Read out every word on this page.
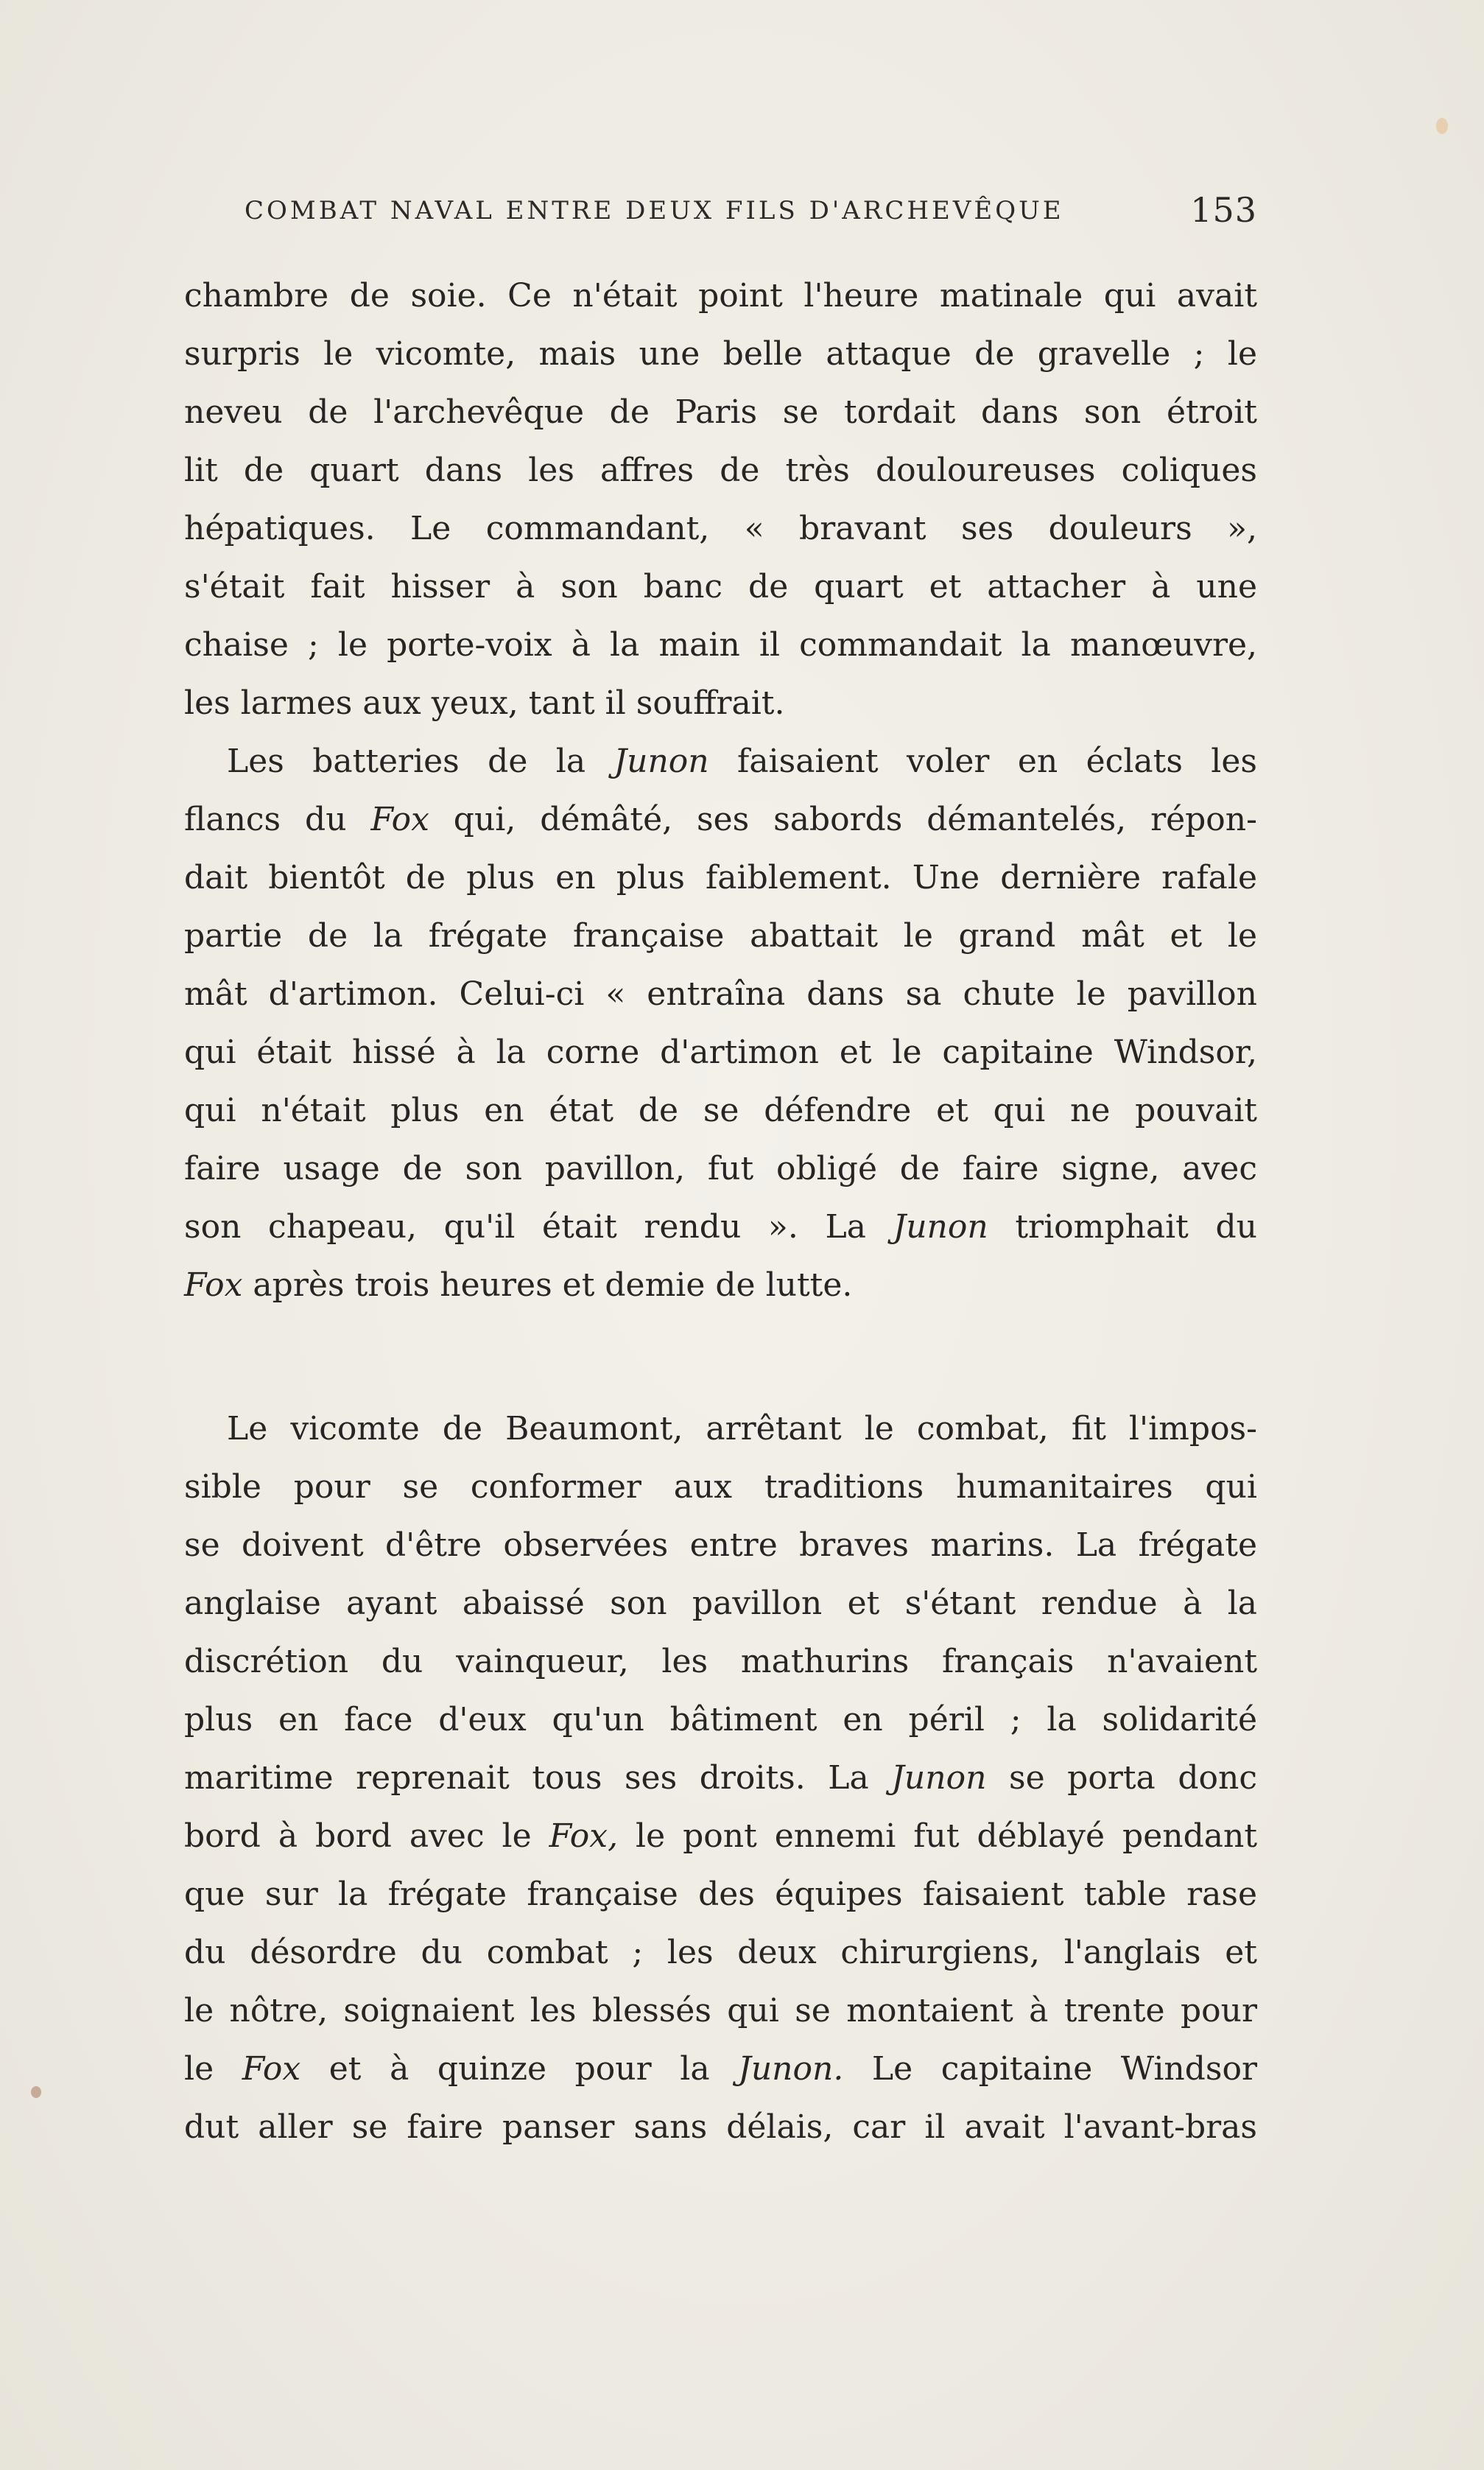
COMBAT NAVAL ENTRE DEUX FILS D'ARCHEVÊQUE	153
chambre de soie. Ce n'était point l'heure matinale qui avait
surpris le vicomte, mais une belle attaque de gravelle ; le
neveu de l'archevêque de Paris se tordait dans son étroit
lit de quart dans les affres de très douloureuses coliques
hépatiques. Le commandant, « bravant ses douleurs »,
s'était fait hisser à son banc de quart et attacher à une
chaise ; le porte-voix à la main il commandait la manœuvre,
les larmes aux yeux, tant il souffrait.
Les batteries de la Junon faisaient voler en éclats les
flancs du Fox qui, démâté, ses sabords démantelés, répon-
dait bientôt de plus en plus faiblement. Une dernière rafale
partie de la frégate française abattait le grand mât et le
mât d'artimon. Celui-ci « entraîna dans sa chute le pavillon
qui était hissé à la corne d'artimon et le capitaine Windsor,
qui n'était plus en état de se défendre et qui ne pouvait
faire usage de son pavillon, fut obligé de faire signe, avec
son chapeau, qu'il était rendu ». La Junon triomphait du
Fox après trois heures et demie de lutte.
Le vicomte de Beaumont, arrêtant le combat, fit l'impos-
sible pour se conformer aux traditions humanitaires qui
se doivent d'être observées entre braves marins. La frégate
anglaise ayant abaissé son pavillon et s'étant rendue à la
discrétion du vainqueur, les mathurins français n'avaient
plus en face d'eux qu'un bâtiment en péril ; la solidarité
maritime reprenait tous ses droits. La Junon se porta donc
bord à bord avec le Fox, le pont ennemi fut déblayé pendant
que sur la frégate française des équipes faisaient table rase
du désordre du combat ; les deux chirurgiens, l'anglais et
le nôtre, soignaient les blessés qui se montaient à trente pour
le Fox et à quinze pour la Junon. Le capitaine Windsor
dut aller se faire panser sans délais, car il avait l'avant-bras
